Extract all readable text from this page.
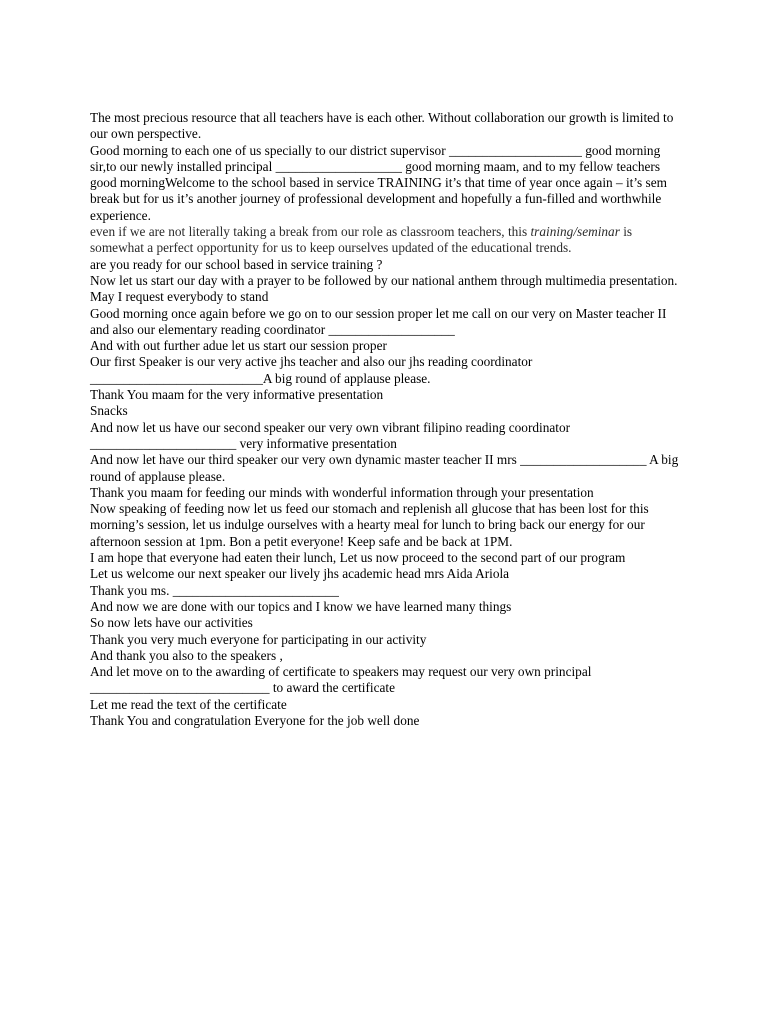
The most precious resource that all teachers have is each other. Without collaboration our growth is limited to our own perspective.

Good morning to each one of us specially to our district supervisor ____________________ good morning sir,to our newly installed principal ___________________ good morning maam, and to my fellow teachers good morningWelcome to the school based in service TRAINING it’s that time of year once again – it’s sem break but for us it’s another journey of professional development and hopefully a fun-filled and worthwhile experience.

even if we are not literally taking a break from our role as classroom teachers, this training/seminar is somewhat a perfect opportunity for us to keep ourselves updated of the educational trends.

are you ready for our school based in service training ?

Now let us start our day with a prayer to be followed by our national anthem through multimedia presentation. May I request everybody to stand

Good morning once again before we go on to our session proper let me call on our very on Master teacher II and also our elementary reading coordinator ___________________

And with out further adue let us start our session proper

Our first Speaker is our very active jhs teacher and also our jhs reading coordinator __________________________A big round of applause please.

Thank You maam for the very informative presentation

Snacks

And now let us have our second speaker our very own vibrant filipino reading coordinator ______________________ very informative presentation

And now let have our third speaker our very own dynamic master teacher II mrs ___________________ A big round of applause please.

Thank you maam for feeding our minds with wonderful information through your presentation

Now speaking of feeding now let us feed our stomach and replenish all glucose that has been lost for this morning’s session, let us indulge ourselves with a hearty meal for lunch to bring back our energy for our afternoon session at 1pm. Bon a petit everyone! Keep safe and be back at 1PM.

I am hope that everyone had eaten their lunch, Let us now proceed to the second part of our program

Let us welcome our next speaker our lively jhs academic head mrs Aida Ariola

Thank you ms. _________________________

And now we are done with our topics and I know we have learned many things

So now lets have our activities

Thank you very much everyone for participating in our activity

And thank you also to the speakers ,

And let move on to the awarding of certificate to speakers may request our very own principal ___________________________ to award the certificate

Let me read the text of the certificate

Thank You and congratulation Everyone for the job well done
